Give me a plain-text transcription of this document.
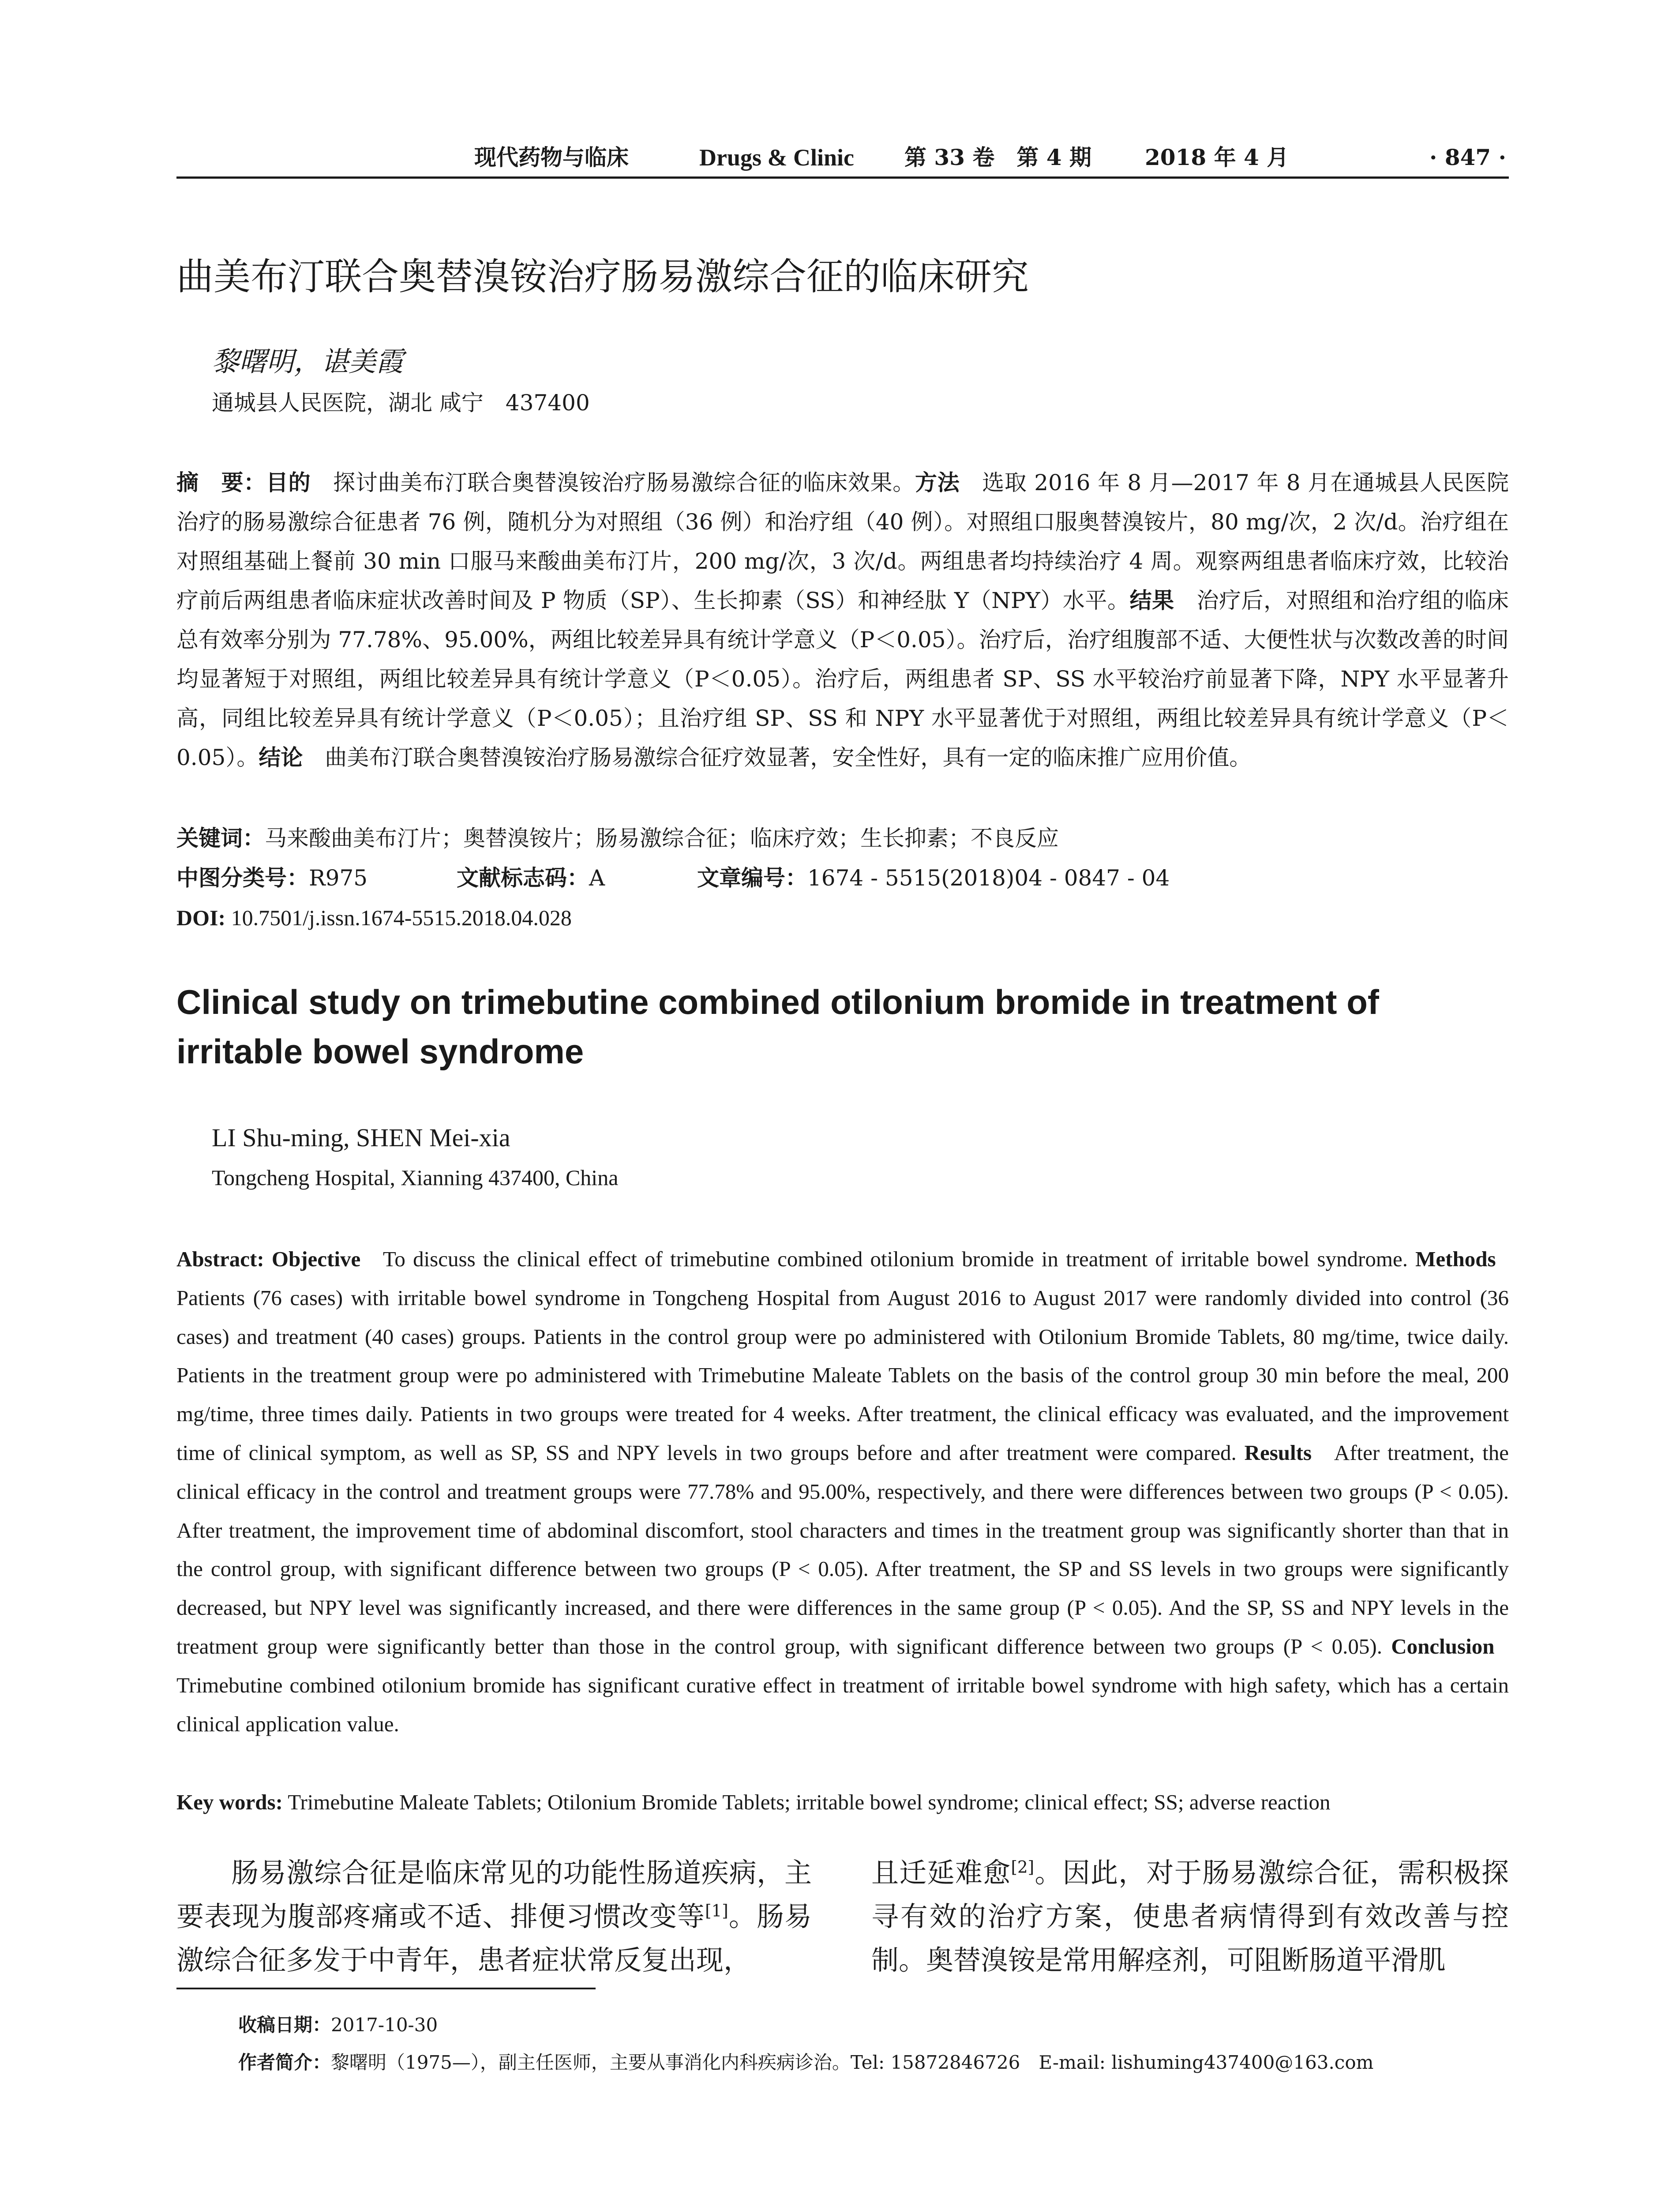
现代药物与临床	Drugs & Clinic 第 33 卷　第 4 期 2018 年 4 月	· 847 ·
曲美布汀联合奥替溴铵治疗肠易激综合征的临床研究
黎曙明，谌美霞
通城县人民医院，湖北 咸宁　437400
摘　要：目的　 探讨曲美布汀联合奥替溴铵治疗肠易激综合征的临床效果。方法　 选取 2016 年 8 月—2017 年 8 月在通城县人民医院治疗的肠易激综合征患者 76 例，随机分为对照组（36 例）和治疗组（40 例）。对照组口服奥替溴铵片，80 mg/次，2 次/d。治疗组在对照组基础上餐前 30 min 口服马来酸曲美布汀片，200 mg/次，3 次/d。两组患者均持续治疗 4 周。观察两组患者临床疗效，比较治疗前后两组患者临床症状改善时间及 P 物质（SP）、生长抑素（SS）和神经肽 Y（NPY）水平。结果　 治疗后，对照组和治疗组的临床总有效率分别为 77.78%、95.00%，两组比较差异具有统计学意义（P＜0.05）。治疗后，治疗组腹部不适、大便性状与次数改善的时间均显著短于对照组，两组比较差异具有统计学意义（P＜0.05）。治疗后，两组患者 SP、SS 水平较治疗前显著下降，NPY 水平显著升高，同组比较差异具有统计学意义（P＜0.05）；且治疗组 SP、SS 和 NPY 水平显著优于对照组，两组比较差异具有统计学意义（P＜0.05）。结论　 曲美布汀联合奥替溴铵治疗肠易激综合征疗效显著，安全性好，具有一定的临床推广应用价值。
关键词：马来酸曲美布汀片；奥替溴铵片；肠易激综合征；临床疗效；生长抑素；不良反应
中图分类号：R975	文献标志码：A	文章编号：1674 - 5515(2018)04 - 0847 - 04
DOI: 10.7501/j.issn.1674-5515.2018.04.028
Clinical study on trimebutine combined otilonium bromide in treatment of irritable bowel syndrome
LI Shu-ming, SHEN Mei-xia
Tongcheng Hospital, Xianning 437400, China
Abstract: Objective To discuss the clinical effect of trimebutine combined otilonium bromide in treatment of irritable bowel syndrome. Methods   Patients (76 cases) with irritable bowel syndrome in Tongcheng Hospital from August 2016 to August 2017 were randomly divided into control (36 cases) and treatment (40 cases) groups. Patients in the control group were po administered with Otilonium Bromide Tablets, 80 mg/time, twice daily. Patients in the treatment group were po administered with Trimebutine Maleate Tablets on the basis of the control group 30 min before the meal, 200 mg/time, three times daily. Patients in two groups were treated for 4 weeks. After treatment, the clinical efficacy was evaluated, and the improvement time of clinical symptom, as well as SP, SS and NPY levels in two groups before and after treatment were compared. Results After treatment, the clinical efficacy in the control and treatment groups were 77.78% and 95.00%, respectively, and there were differences between two groups (P < 0.05). After treatment, the improvement time of abdominal discomfort, stool characters and times in the treatment group was significantly shorter than that in the control group, with significant difference between two groups (P < 0.05). After treatment, the SP and SS levels in two groups were significantly decreased, but NPY level was significantly increased, and there were differences in the same group (P < 0.05). And the SP, SS and NPY levels in the treatment group were significantly better than those in the control group, with significant difference between two groups (P < 0.05). Conclusion   Trimebutine combined otilonium bromide has significant curative effect in treatment of irritable bowel syndrome with high safety, which has a certain clinical application value.
Key words: Trimebutine Maleate Tablets; Otilonium Bromide Tablets; irritable bowel syndrome; clinical effect; SS; adverse reaction
肠易激综合征是临床常见的功能性肠道疾病，主要表现为腹部疼痛或不适、排便习惯改变等[1]。肠易激综合征多发于中青年，患者症状常反复出现，
且迁延难愈[2]。因此，对于肠易激综合征，需积极探寻有效的治疗方案，使患者病情得到有效改善与控制。奥替溴铵是常用解痉剂，可阻断肠道平滑肌
收稿日期：2017-10-30
作者简介：黎曙明（1975—），副主任医师，主要从事消化内科疾病诊治。Tel: 15872846726　E-mail: lishuming437400@163.com
